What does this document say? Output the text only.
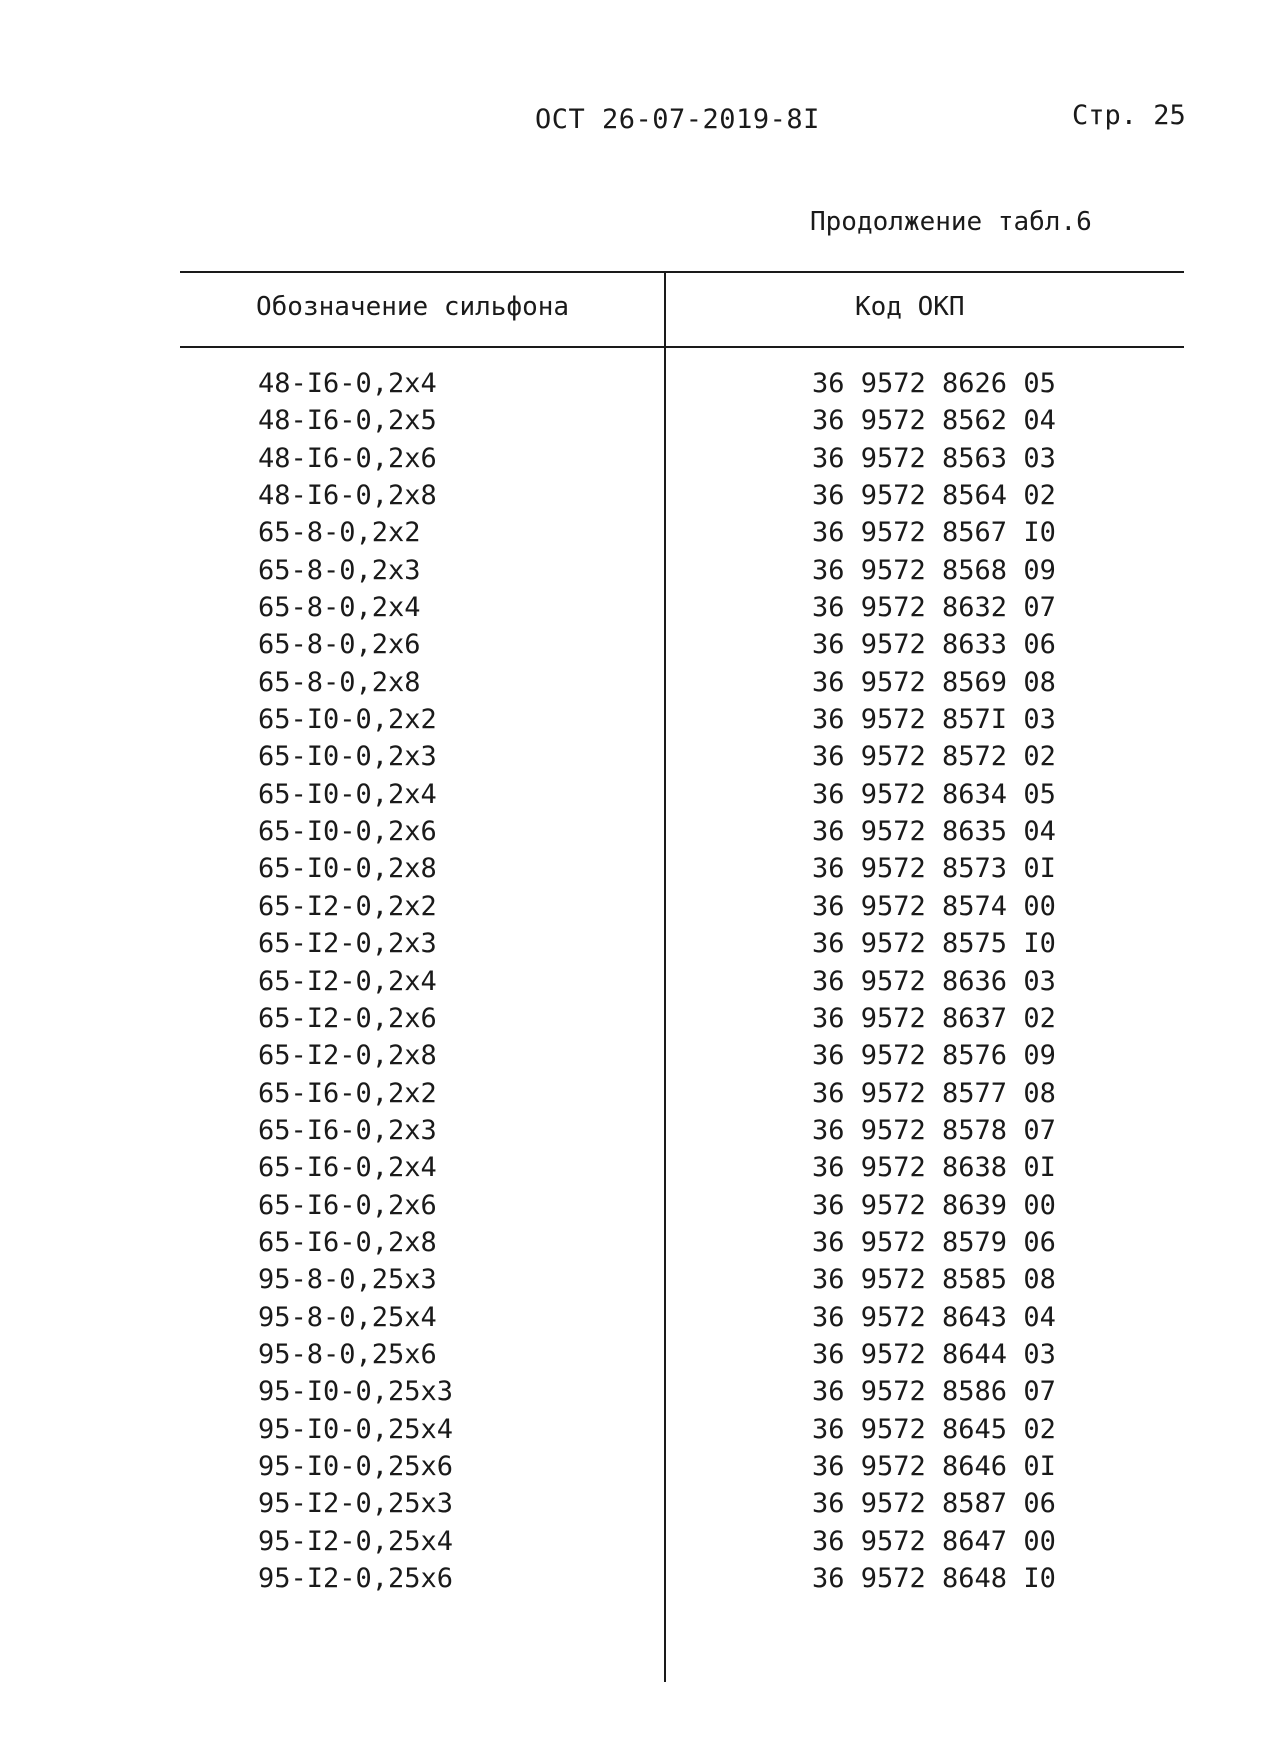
ОСТ 26-07-2019-8I	Стр. 25
Продолжение табл.6
Обозначение сильфона	Код ОКП
48-I6-0,2х4	36 9572 8626 05
48-I6-0,2х5	36 9572 8562 04
48-I6-0,2х6	36 9572 8563 03
48-I6-0,2х8	36 9572 8564 02
65-8-0,2х2	36 9572 8567 I0
65-8-0,2х3	36 9572 8568 09
65-8-0,2х4	36 9572 8632 07
65-8-0,2х6	36 9572 8633 06
65-8-0,2х8	36 9572 8569 08
65-I0-0,2х2	36 9572 857I 03
65-I0-0,2х3	36 9572 8572 02
65-I0-0,2х4	36 9572 8634 05
65-I0-0,2х6	36 9572 8635 04
65-I0-0,2х8	36 9572 8573 0I
65-I2-0,2х2	36 9572 8574 00
65-I2-0,2х3	36 9572 8575 I0
65-I2-0,2х4	36 9572 8636 03
65-I2-0,2х6	36 9572 8637 02
65-I2-0,2х8	36 9572 8576 09
65-I6-0,2х2	36 9572 8577 08
65-I6-0,2х3	36 9572 8578 07
65-I6-0,2х4	36 9572 8638 0I
65-I6-0,2х6	36 9572 8639 00
65-I6-0,2х8	36 9572 8579 06
95-8-0,25х3	36 9572 8585 08
95-8-0,25х4	36 9572 8643 04
95-8-0,25х6	36 9572 8644 03
95-I0-0,25х3	36 9572 8586 07
95-I0-0,25х4	36 9572 8645 02
95-I0-0,25х6	36 9572 8646 0I
95-I2-0,25х3	36 9572 8587 06
95-I2-0,25х4	36 9572 8647 00
95-I2-0,25х6	36 9572 8648 I0
